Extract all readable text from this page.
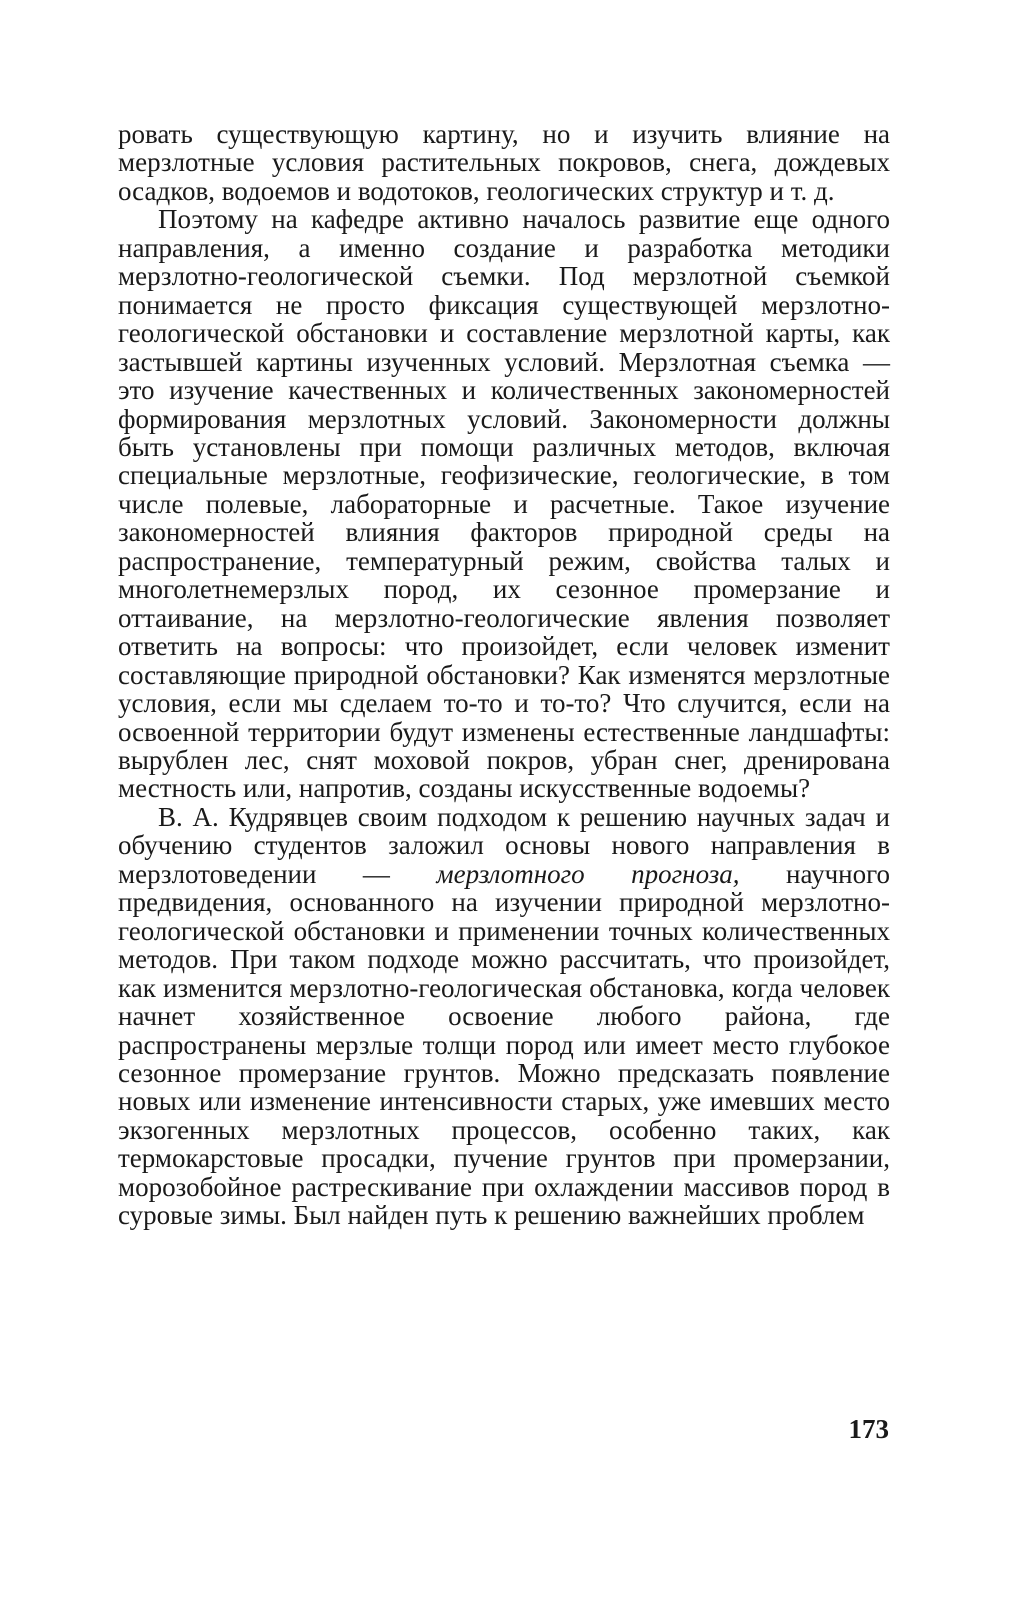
ровать существующую картину, но и изучить влияние на мерзлотные условия растительных покровов, снега, дождевых осадков, водоемов и водотоков, геологических структур и т. д.

Поэтому на кафедре активно началось развитие еще одного направления, а именно создание и разработка методики мерзлотно-геологической съемки. Под мерзлотной съемкой понимается не просто фиксация существующей мерзлотно-геологической обстановки и составление мерзлотной карты, как застывшей картины изученных условий. Мерзлотная съемка — это изучение качественных и количественных закономерностей формирования мерзлотных условий. Закономерности должны быть установлены при помощи различных методов, включая специальные мерзлотные, геофизические, геологические, в том числе полевые, лабораторные и расчетные. Такое изучение закономерностей влияния факторов природной среды на распространение, температурный режим, свойства талых и многолетнемерзлых пород, их сезонное промерзание и оттаивание, на мерзлотно-геологические явления позволяет ответить на вопросы: что произойдет, если человек изменит составляющие природной обстановки? Как изменятся мерзлотные условия, если мы сделаем то-то и то-то? Что случится, если на освоенной территории будут изменены естественные ландшафты: вырублен лес, снят моховой покров, убран снег, дренирована местность или, напротив, созданы искусственные водоемы?

В. А. Кудрявцев своим подходом к решению научных задач и обучению студентов заложил основы нового направления в мерзлотоведении — мерзлотного прогноза, научного предвидения, основанного на изучении природной мерзлотно-геологической обстановки и применении точных количественных методов. При таком подходе можно рассчитать, что произойдет, как изменится мерзлотно-геологическая обстановка, когда человек начнет хозяйственное освоение любого района, где распространены мерзлые толщи пород или имеет место глубокое сезонное промерзание грунтов. Можно предсказать появление новых или изменение интенсивности старых, уже имевших место экзогенных мерзлотных процессов, особенно таких, как термокарстовые просадки, пучение грунтов при промерзании, морозобойное растрескивание при охлаждении массивов пород в суровые зимы. Был найден путь к решению важнейших проблем

173
